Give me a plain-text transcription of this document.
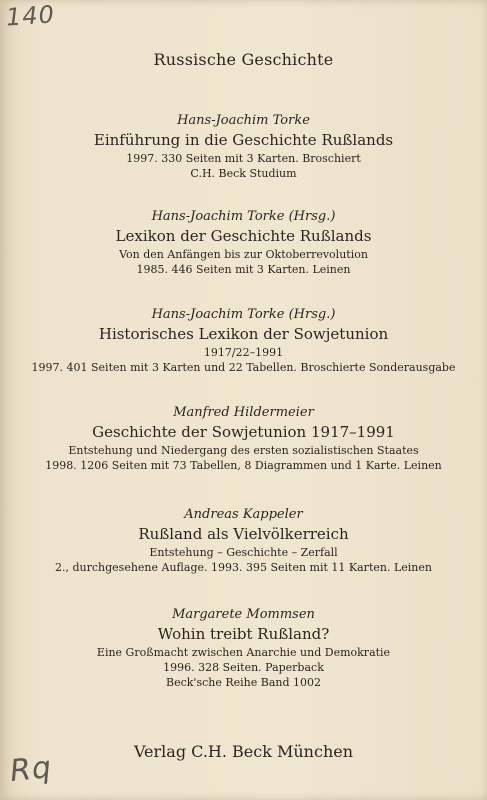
140
Russische Geschichte
Hans-Joachim Torke
Einführung in die Geschichte Rußlands
1997. 330 Seiten mit 3 Karten. Broschiert
C.H. Beck Studium
Hans-Joachim Torke (Hrsg.)
Lexikon der Geschichte Rußlands
Von den Anfängen bis zur Oktoberrevolution
1985. 446 Seiten mit 3 Karten. Leinen
Hans-Joachim Torke (Hrsg.)
Historisches Lexikon der Sowjetunion
1917/22–1991
1997. 401 Seiten mit 3 Karten und 22 Tabellen. Broschierte Sonderausgabe
Manfred Hildermeier
Geschichte der Sowjetunion 1917–1991
Entstehung und Niedergang des ersten sozialistischen Staates
1998. 1206 Seiten mit 73 Tabellen, 8 Diagrammen und 1 Karte. Leinen
Andreas Kappeler
Rußland als Vielvölkerreich
Entstehung – Geschichte – Zerfall
2., durchgesehene Auflage. 1993. 395 Seiten mit 11 Karten. Leinen
Margarete Mommsen
Wohin treibt Rußland?
Eine Großmacht zwischen Anarchie und Demokratie
1996. 328 Seiten. Paperback
Beck'sche Reihe Band 1002
Verlag C.H. Beck München
Rq
